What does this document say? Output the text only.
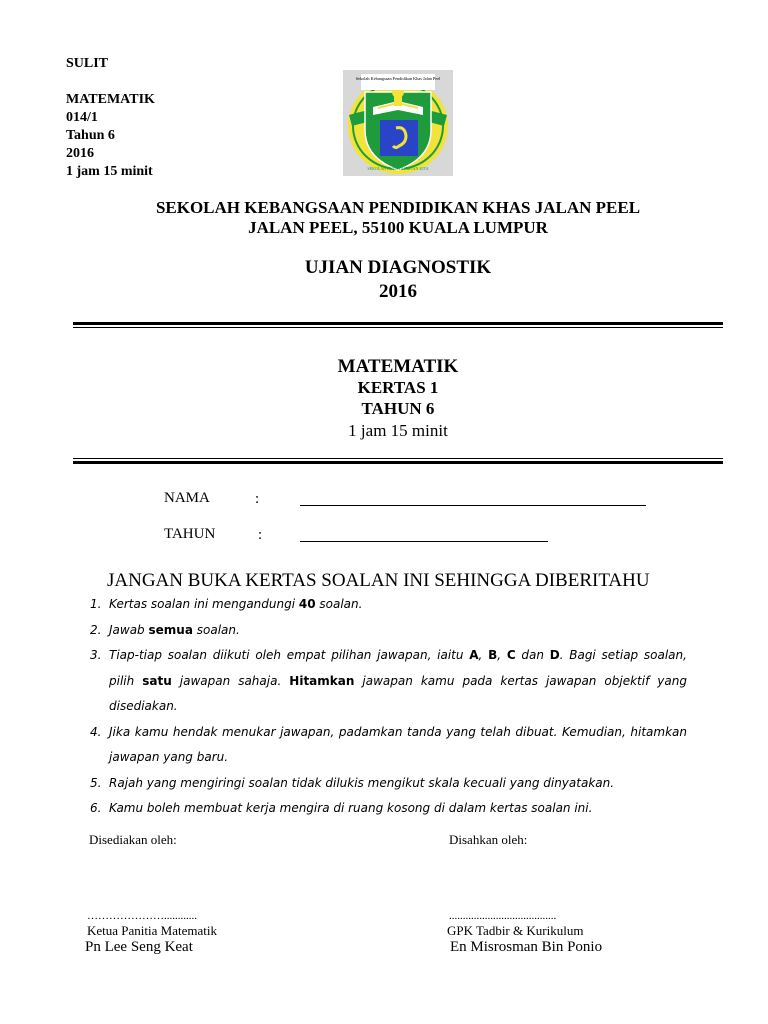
SULIT
MATEMATIK
014/1
Tahun 6
2016
1 jam 15 minit
Sekolah Kebangsaan Pendidikan Khas Jalan Peel
SEKOLAH BUDAYA IMPIAN KITA
SEKOLAH KEBANGSAAN PENDIDIKAN KHAS JALAN PEEL
JALAN PEEL, 55100 KUALA LUMPUR
UJIAN DIAGNOSTIK
2016
MATEMATIK
KERTAS 1
TAHUN 6
1 jam 15 minit
NAMA	:
TAHUN	:
JANGAN BUKA KERTAS SOALAN INI SEHINGGA DIBERITAHU
1. Kertas soalan ini mengandungi 40 soalan.
2. Jawab semua soalan.
3. Tiap-tiap soalan diikuti oleh empat pilihan jawapan, iaitu A, B, C dan D. Bagi setiap soalan, pilih satu jawapan sahaja. Hitamkan jawapan kamu pada kertas jawapan objektif yang disediakan.
4. Jika kamu hendak menukar jawapan, padamkan tanda yang telah dibuat. Kemudian, hitamkan jawapan yang baru.
5. Rajah yang mengiringi soalan tidak dilukis mengikut skala kecuali yang dinyatakan.
6. Kamu boleh membuat kerja mengira di ruang kosong di dalam kertas soalan ini.
Disediakan oleh:	Disahkan oleh:
…………………............	.......................................
Ketua Panitia Matematik	GPK Tadbir & Kurikulum
Pn Lee Seng Keat	En Misrosman Bin Ponio
